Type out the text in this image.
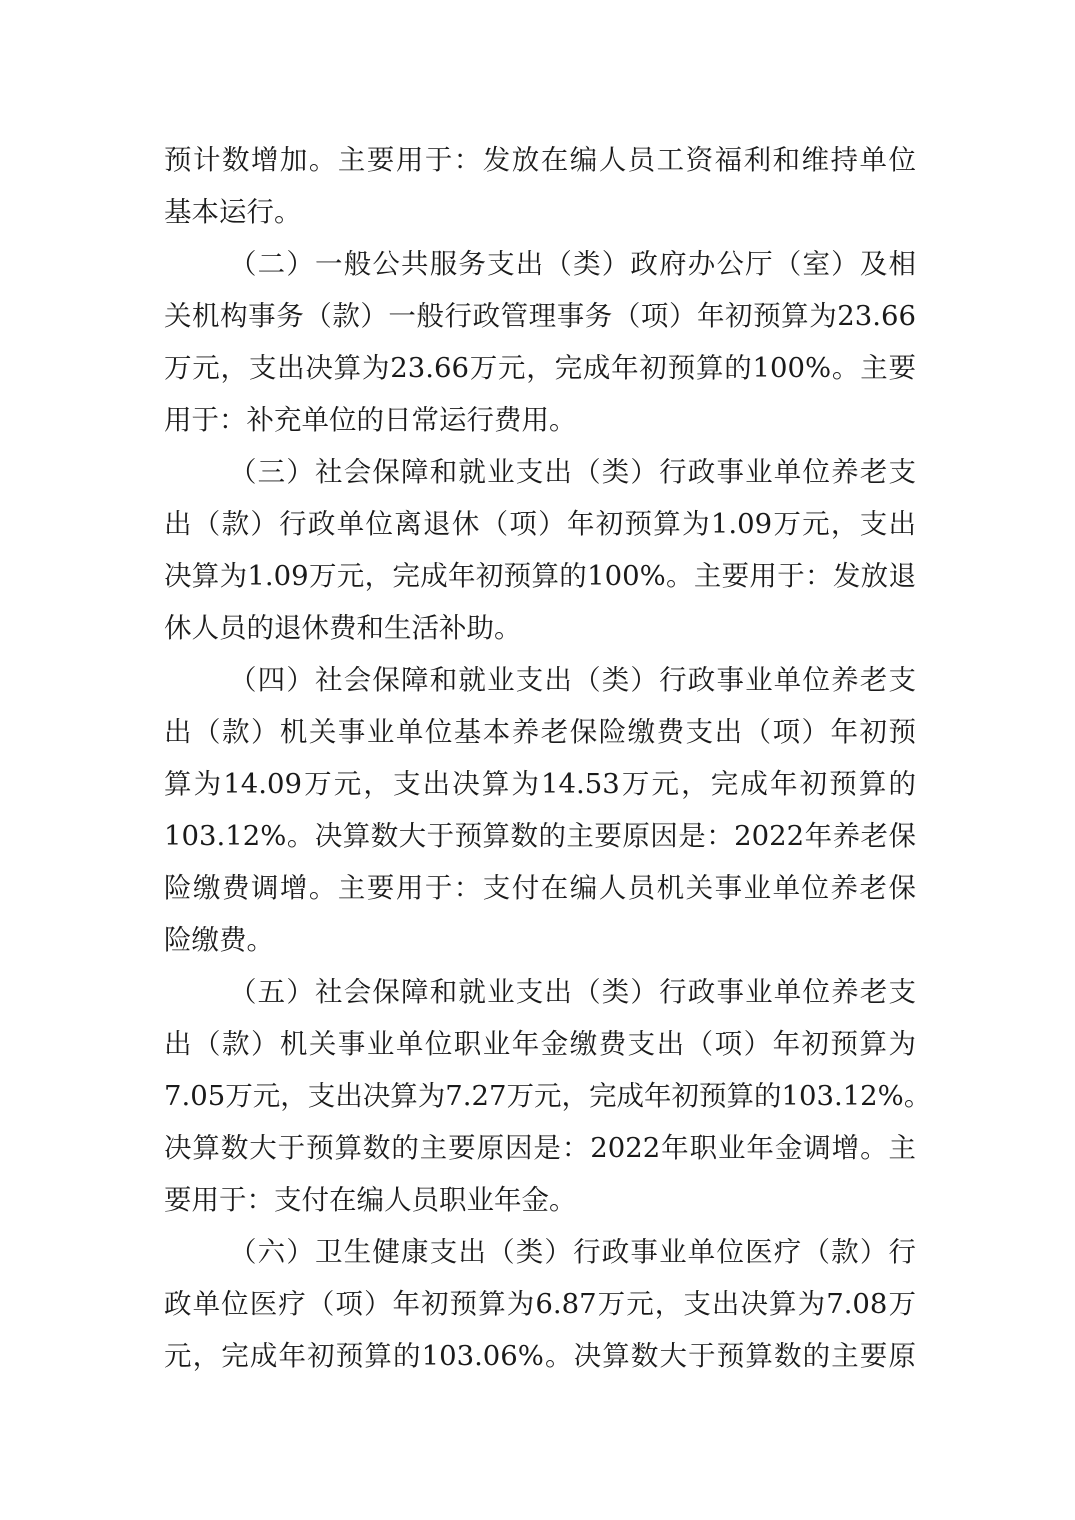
预计数增加。主要用于：发放在编人员工资福利和维持单位
基本运行。
（二）一般公共服务支出（类）政府办公厅（室）及相
关机构事务（款）一般行政管理事务（项）年初预算为23.66
万元，支出决算为23.66万元，完成年初预算的100%。主要
用于：补充单位的日常运行费用。
（三）社会保障和就业支出（类）行政事业单位养老支
出（款）行政单位离退休（项）年初预算为1.09万元，支出
决算为1.09万元，完成年初预算的100%。主要用于：发放退
休人员的退休费和生活补助。
（四）社会保障和就业支出（类）行政事业单位养老支
出（款）机关事业单位基本养老保险缴费支出（项）年初预
算为14.09万元，支出决算为14.53万元，完成年初预算的
103.12%。决算数大于预算数的主要原因是：2022年养老保
险缴费调增。主要用于：支付在编人员机关事业单位养老保
险缴费。
（五）社会保障和就业支出（类）行政事业单位养老支
出（款）机关事业单位职业年金缴费支出（项）年初预算为
7.05万元，支出决算为7.27万元，完成年初预算的103.12%。
决算数大于预算数的主要原因是：2022年职业年金调增。主
要用于：支付在编人员职业年金。
（六）卫生健康支出（类）行政事业单位医疗（款）行
政单位医疗（项）年初预算为6.87万元，支出决算为7.08万
元，完成年初预算的103.06%。决算数大于预算数的主要原
